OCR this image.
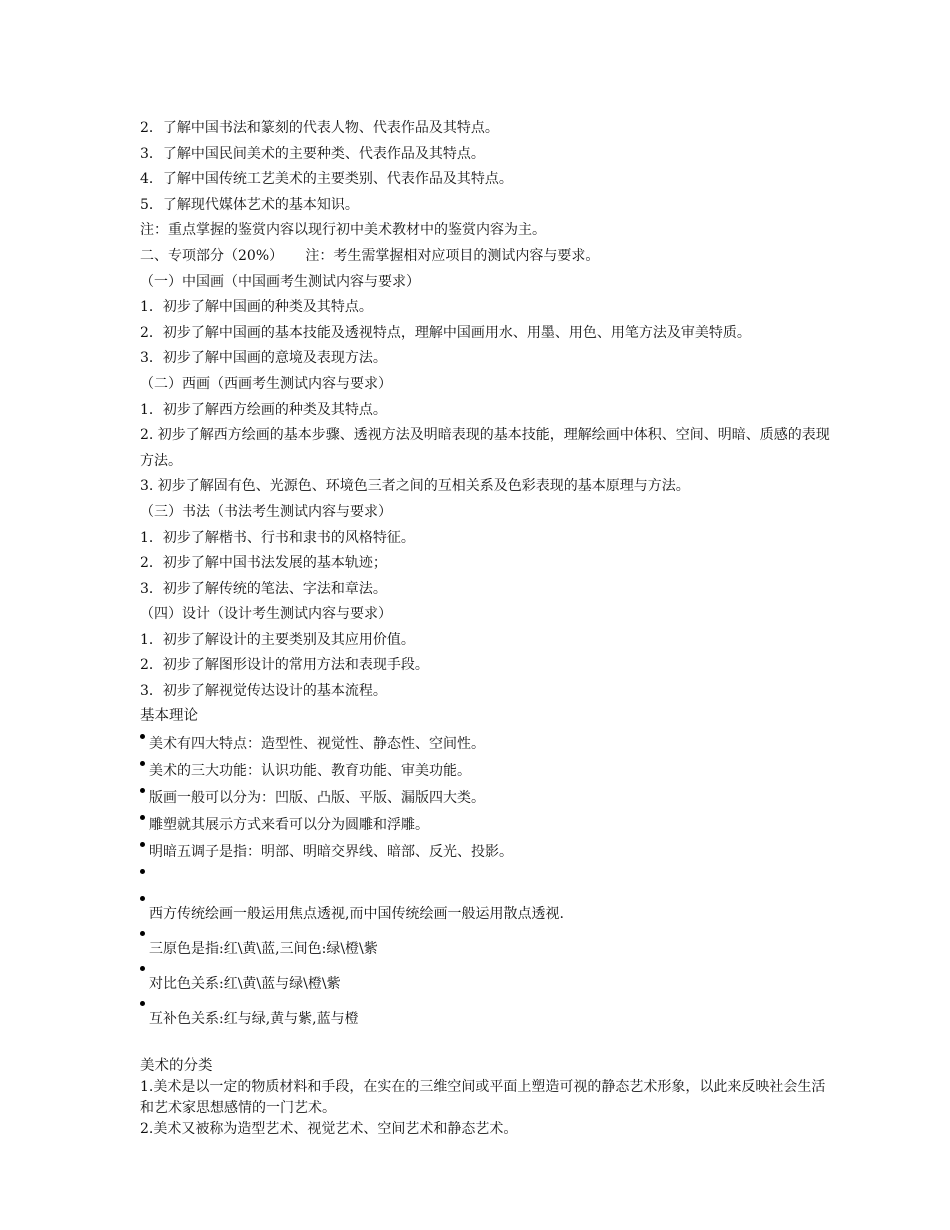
2．了解中国书法和篆刻的代表人物、代表作品及其特点。
3．了解中国民间美术的主要种类、代表作品及其特点。
4．了解中国传统工艺美术的主要类别、代表作品及其特点。
5．了解现代媒体艺术的基本知识。
注：重点掌握的鉴赏内容以现行初中美术教材中的鉴赏内容为主。
二、专项部分（20%）     注：考生需掌握相对应项目的测试内容与要求。
（一）中国画（中国画考生测试内容与要求）
1．初步了解中国画的种类及其特点。
2．初步了解中国画的基本技能及透视特点，理解中国画用水、用墨、用色、用笔方法及审美特质。
3．初步了解中国画的意境及表现方法。
（二）西画（西画考生测试内容与要求）
1．初步了解西方绘画的种类及其特点。
2. 初步了解西方绘画的基本步骤、透视方法及明暗表现的基本技能，理解绘画中体积、空间、明暗、质感的表现方法。
3. 初步了解固有色、光源色、环境色三者之间的互相关系及色彩表现的基本原理与方法。
（三）书法（书法考生测试内容与要求）
1．初步了解楷书、行书和隶书的风格特征。
2．初步了解中国书法发展的基本轨迹；
3．初步了解传统的笔法、字法和章法。
（四）设计（设计考生测试内容与要求）
1．初步了解设计的主要类别及其应用价值。
2．初步了解图形设计的常用方法和表现手段。
3．初步了解视觉传达设计的基本流程。
基本理论
美术有四大特点：造型性、视觉性、静态性、空间性。
美术的三大功能：认识功能、教育功能、审美功能。
版画一般可以分为：凹版、凸版、平版、漏版四大类。
雕塑就其展示方式来看可以分为圆雕和浮雕。
明暗五调子是指：明部、明暗交界线、暗部、反光、投影。
西方传统绘画一般运用焦点透视,而中国传统绘画一般运用散点透视.
三原色是指:红\黄\蓝,三间色:绿\橙\紫
对比色关系:红\黄\蓝与绿\橙\紫
互补色关系:红与绿,黄与紫,蓝与橙
美术的分类
1.美术是以一定的物质材料和手段，在实在的三维空间或平面上塑造可视的静态艺术形象，以此来反映社会生活和艺术家思想感情的一门艺术。
2.美术又被称为造型艺术、视觉艺术、空间艺术和静态艺术。
